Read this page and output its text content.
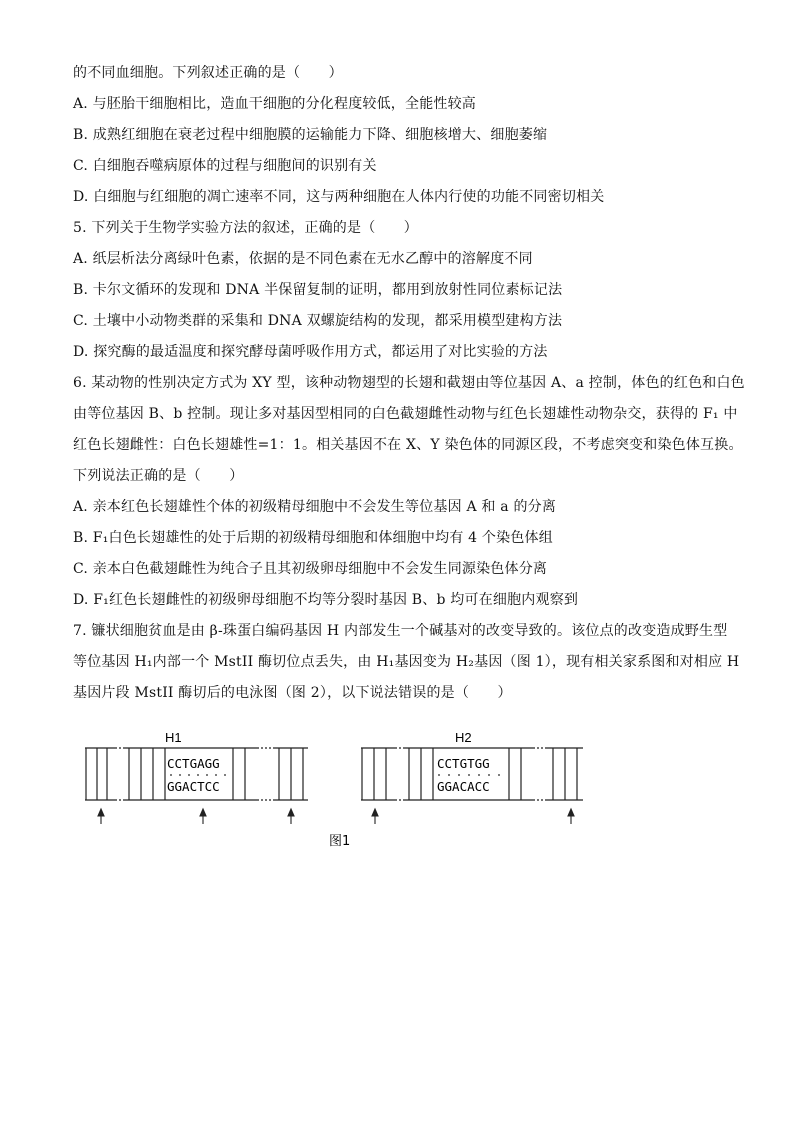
的不同血细胞。下列叙述正确的是（　　）
A. 与胚胎干细胞相比，造血干细胞的分化程度较低，全能性较高
B. 成熟红细胞在衰老过程中细胞膜的运输能力下降、细胞核增大、细胞萎缩
C. 白细胞吞噬病原体的过程与细胞间的识别有关
D. 白细胞与红细胞的凋亡速率不同，这与两种细胞在人体内行使的功能不同密切相关
5. 下列关于生物学实验方法的叙述，正确的是（　　）
A. 纸层析法分离绿叶色素，依据的是不同色素在无水乙醇中的溶解度不同
B. 卡尔文循环的发现和 DNA 半保留复制的证明，都用到放射性同位素标记法
C. 土壤中小动物类群的采集和 DNA 双螺旋结构的发现，都采用模型建构方法
D. 探究酶的最适温度和探究酵母菌呼吸作用方式，都运用了对比实验的方法
6. 某动物的性别决定方式为 XY 型，该种动物翅型的长翅和截翅由等位基因 A、a 控制，体色的红色和白色
由等位基因 B、b 控制。现让多对基因型相同的白色截翅雌性动物与红色长翅雄性动物杂交，获得的 F₁ 中
红色长翅雌性：白色长翅雄性=1：1。相关基因不在 X、Y 染色体的同源区段，不考虑突变和染色体互换。
下列说法正确的是（　　）
A. 亲本红色长翅雄性个体的初级精母细胞中不会发生等位基因 A 和 a 的分离
B. F₁白色长翅雄性的处于后期的初级精母细胞和体细胞中均有 4 个染色体组
C. 亲本白色截翅雌性为纯合子且其初级卵母细胞中不会发生同源染色体分离
D. F₁红色长翅雌性的初级卵母细胞不均等分裂时基因 B、b 均可在细胞内观察到
7. 镰状细胞贫血是由 β-珠蛋白编码基因 H 内部发生一个碱基对的改变导致的。该位点的改变造成野生型
等位基因 H₁内部一个 MstII 酶切位点丢失，由 H₁基因变为 H₂基因（图 1），现有相关家系图和对相应 H
基因片段 MstII 酶切后的电泳图（图 2），以下说法错误的是（　　）
H1
CCTGAGG
GGACTCC
H2
CCTGTGG
GGACACC
图1
